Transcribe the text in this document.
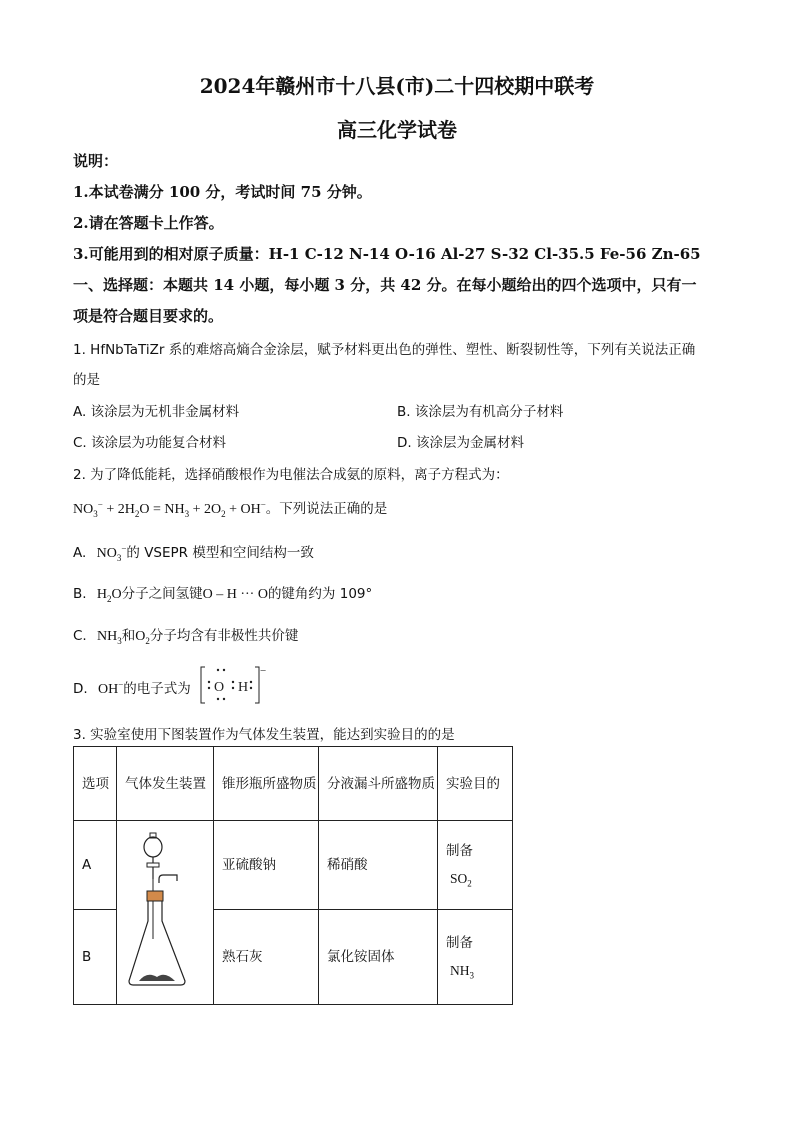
2024年赣州市十八县(市)二十四校期中联考
高三化学试卷
说明：
1.本试卷满分 100 分，考试时间 75 分钟。
2.请在答题卡上作答。
3.可能用到的相对原子质量：H-1 C-12 N-14 O-16 Al-27 S-32 Cl-35.5 Fe-56 Zn-65
一、选择题：本题共 14 小题，每小题 3 分，共 42 分。在每小题给出的四个选项中，只有一
项是符合题目要求的。
1. HfNbTaTiZr 系的难熔高熵合金涂层，赋予材料更出色的弹性、塑性、断裂韧性等，下列有关说法正确
的是
A. 该涂层为无机非金属材料	B. 该涂层为有机高分子材料
C. 该涂层为功能复合材料	D. 该涂层为金属材料
2. 为了降低能耗，选择硝酸根作为电催法合成氨的原料，离子方程式为：
$NO_3^- + 2H_2O = NH_3 + 2O_2 + OH^-$。下列说法正确的是
A. $NO_3^-$的 VSEPR 模型和空间结构一致
B. $H_2O$分子之间氢键O – H ··· O的键角约为 109°
C. $NH_3$和$O_2$分子均含有非极性共价键
D. OH−的电子式为
−
O H
3. 实验室使用下图装置作为气体发生装置，能达到实验目的的是
选项	气体发生装置	锥形瓶所盛物质	分液漏斗所盛物质	实验目的
A		亚硫酸钠	稀硝酸	制备
$SO_2$

B		熟石灰	氯化铵固体	制备
$NH_3$
